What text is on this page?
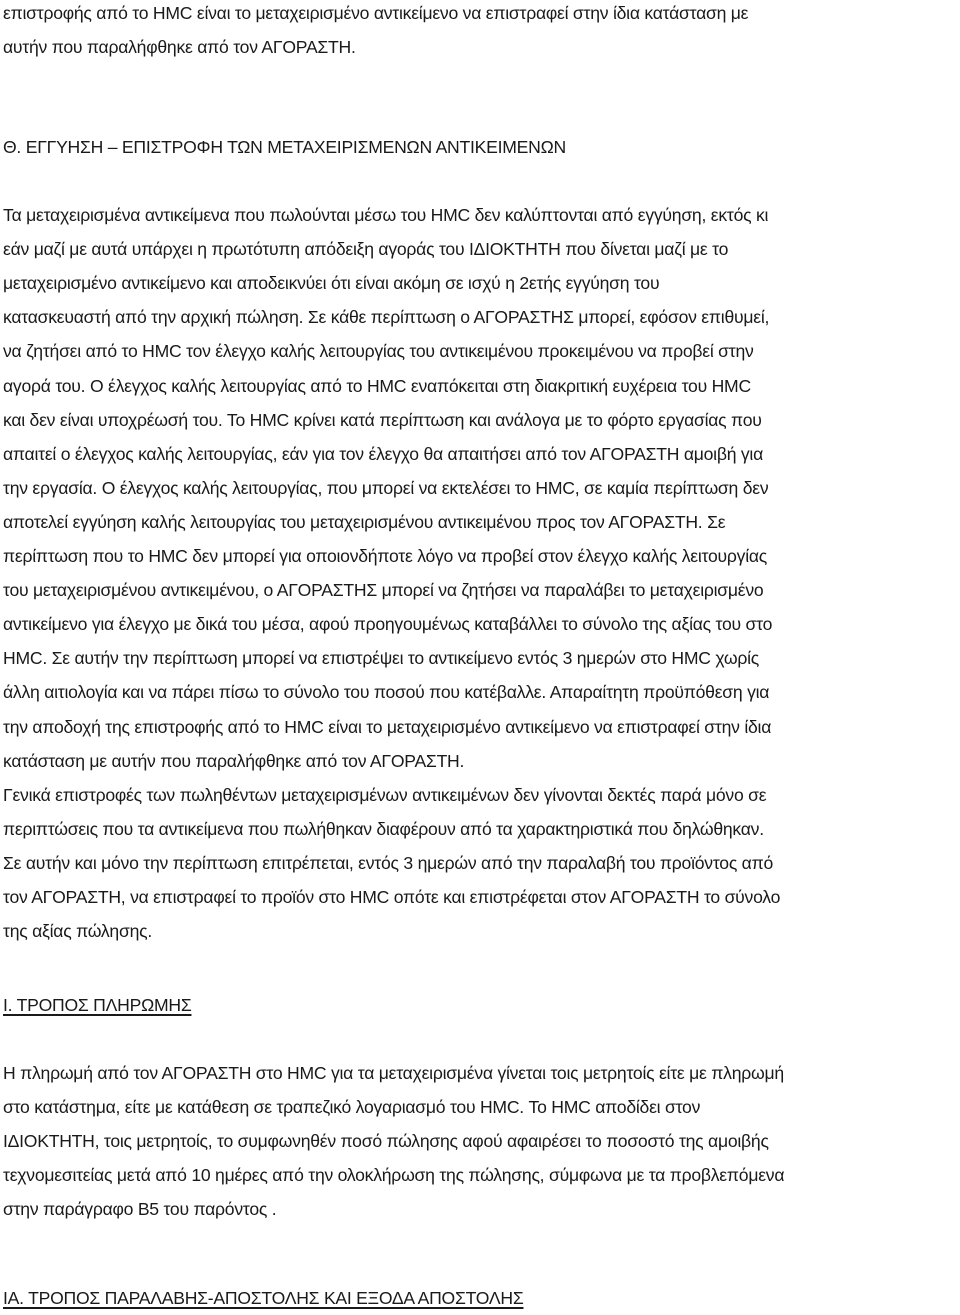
επιστροφής από το ΗΜC είναι το μεταχειρισμένο αντικείμενο να επιστραφεί στην ίδια κατάσταση με
αυτήν που παραλήφθηκε από τον ΑΓΟΡΑΣΤΗ.
Θ. ΕΓΓΥΗΣΗ – ΕΠΙΣΤΡΟΦΗ ΤΩΝ ΜΕΤΑΧΕΙΡΙΣΜΕΝΩΝ ΑΝΤΙΚΕΙΜΕΝΩΝ
Τα μεταχειρισμένα αντικείμενα που πωλούνται μέσω του ΗΜC δεν καλύπτονται από εγγύηση, εκτός κι
εάν μαζί με αυτά υπάρχει η πρωτότυπη απόδειξη αγοράς του ΙΔΙΟΚΤΗΤΗ που δίνεται μαζί με το
μεταχειρισμένο αντικείμενο και αποδεικνύει ότι είναι ακόμη σε ισχύ η 2ετής εγγύηση του
κατασκευαστή από την αρχική πώληση. Σε κάθε περίπτωση ο ΑΓΟΡΑΣΤΗΣ μπορεί, εφόσον επιθυμεί,
να ζητήσει από το ΗΜC τον έλεγχο καλής λειτουργίας του αντικειμένου προκειμένου να προβεί στην
αγορά του. Ο έλεγχος καλής λειτουργίας από το ΗΜC εναπόκειται στη διακριτική ευχέρεια του ΗΜC
και δεν είναι υποχρέωσή του. Το ΗΜC κρίνει κατά περίπτωση και ανάλογα με το φόρτο εργασίας που
απαιτεί ο έλεγχος καλής λειτουργίας, εάν για τον έλεγχο θα απαιτήσει από τον ΑΓΟΡΑΣΤΗ αμοιβή για
την εργασία. Ο έλεγχος καλής λειτουργίας, που μπορεί να εκτελέσει το ΗΜC, σε καμία περίπτωση δεν
αποτελεί εγγύηση καλής λειτουργίας του μεταχειρισμένου αντικειμένου προς τον ΑΓΟΡΑΣΤΗ. Σε
περίπτωση που το ΗΜC δεν μπορεί για οποιονδήποτε λόγο να προβεί στον έλεγχο καλής λειτουργίας
του μεταχειρισμένου αντικειμένου, ο ΑΓΟΡΑΣΤΗΣ μπορεί να ζητήσει να παραλάβει το μεταχειρισμένο
αντικείμενο για έλεγχο με δικά του μέσα, αφού προηγουμένως καταβάλλει το σύνολο της αξίας του στο
ΗΜC. Σε αυτήν την περίπτωση μπορεί να επιστρέψει το αντικείμενο εντός 3 ημερών στο ΗΜC χωρίς
άλλη αιτιολογία και να πάρει πίσω το σύνολο του ποσού που κατέβαλλε. Απαραίτητη προϋπόθεση για
την αποδοχή της επιστροφής από το ΗΜC είναι το μεταχειρισμένο αντικείμενο να επιστραφεί στην ίδια
κατάσταση με αυτήν που παραλήφθηκε από τον ΑΓΟΡΑΣΤΗ.
Γενικά επιστροφές των πωληθέντων μεταχειρισμένων αντικειμένων δεν γίνονται δεκτές παρά μόνο σε
περιπτώσεις που τα αντικείμενα που πωλήθηκαν διαφέρουν από τα χαρακτηριστικά που δηλώθηκαν.
Σε αυτήν και μόνο την περίπτωση επιτρέπεται, εντός 3 ημερών από την παραλαβή του προϊόντος από
τον ΑΓΟΡΑΣΤΗ, να επιστραφεί το προϊόν στο ΗΜC οπότε και επιστρέφεται στον ΑΓΟΡΑΣΤΗ το σύνολο
της αξίας πώλησης.
Ι. ΤΡΟΠΟΣ ΠΛΗΡΩΜΗΣ
Η πληρωμή από τον ΑΓΟΡΑΣΤΗ στο ΗΜC για τα μεταχειρισμένα γίνεται τοις μετρητοίς είτε με πληρωμή
στο κατάστημα, είτε με κατάθεση σε τραπεζικό λογαριασμό του ΗΜC. Το ΗΜC αποδίδει στον
ΙΔΙΟΚΤΗΤΗ, τοις μετρητοίς, το συμφωνηθέν ποσό πώλησης αφού αφαιρέσει το ποσοστό της αμοιβής
τεχνομεσιτείας μετά από 10 ημέρες από την ολοκλήρωση της πώλησης, σύμφωνα με τα προβλεπόμενα
στην παράγραφο Β5 του παρόντος .
ΙΑ. ΤΡΟΠΟΣ ΠΑΡΑΛΑΒΗΣ-ΑΠΟΣΤΟΛΗΣ ΚΑΙ ΕΞΟΔΑ ΑΠΟΣΤΟΛΗΣ
